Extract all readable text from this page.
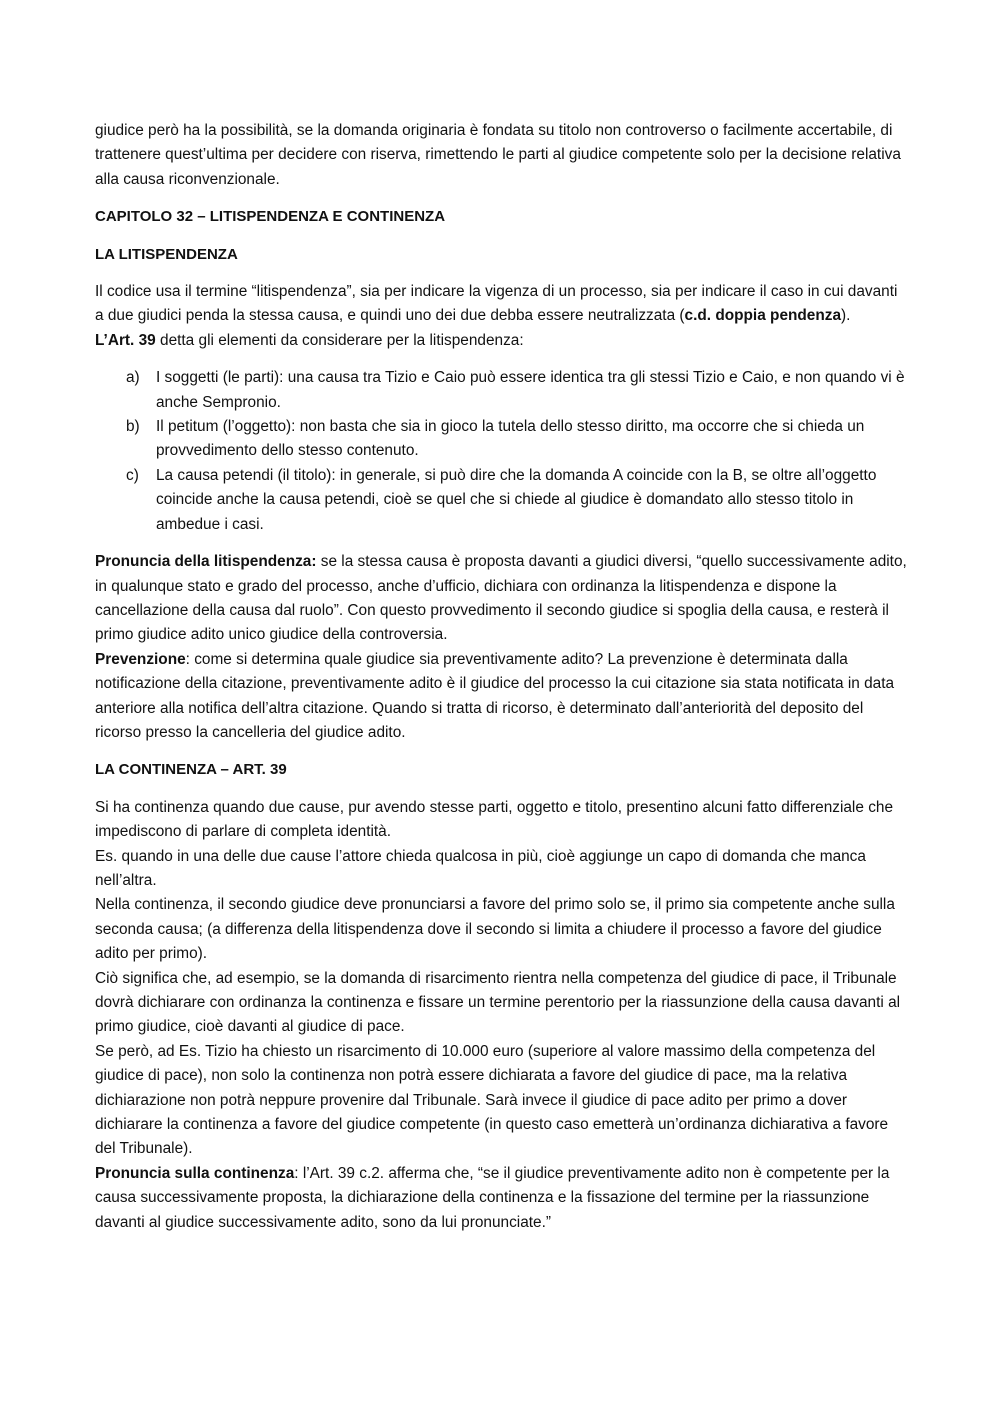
giudice però ha la possibilità, se la domanda originaria è fondata su titolo non controverso o facilmente accertabile, di trattenere quest’ultima per decidere con riserva, rimettendo le parti al giudice competente solo per la decisione relativa alla causa riconvenzionale.

CAPITOLO 32 – LITISPENDENZA E CONTINENZA

LA LITISPENDENZA

Il codice usa il termine “litispendenza”, sia per indicare la vigenza di un processo, sia per indicare il caso in cui davanti a due giudici penda la stessa causa, e quindi uno dei due debba essere neutralizzata (c.d. doppia pendenza).

L’Art. 39 detta gli elementi da considerare per la litispendenza:

a) I soggetti (le parti): una causa tra Tizio e Caio può essere identica tra gli stessi Tizio e Caio, e non quando vi è anche Sempronio.
b) Il petitum (l’oggetto): non basta che sia in gioco la tutela dello stesso diritto, ma occorre che si chieda un provvedimento dello stesso contenuto.
c) La causa petendi (il titolo): in generale, si può dire che la domanda A coincide con la B, se oltre all’oggetto coincide anche la causa petendi, cioè se quel che si chiede al giudice è domandato allo stesso titolo in ambedue i casi.

Pronuncia della litispendenza: se la stessa causa è proposta davanti a giudici diversi, “quello successivamente adito, in qualunque stato e grado del processo, anche d’ufficio, dichiara con ordinanza la litispendenza e dispone la cancellazione della causa dal ruolo”. Con questo provvedimento il secondo giudice si spoglia della causa, e resterà il primo giudice adito unico giudice della controversia.

Prevenzione: come si determina quale giudice sia preventivamente adito? La prevenzione è determinata dalla notificazione della citazione, preventivamente adito è il giudice del processo la cui citazione sia stata notificata in data anteriore alla notifica dell’altra citazione. Quando si tratta di ricorso, è determinato dall’anteriorità del deposito del ricorso presso la cancelleria del giudice adito.

LA CONTINENZA – ART. 39

Si ha continenza quando due cause, pur avendo stesse parti, oggetto e titolo, presentino alcuni fatto differenziale che impediscono di parlare di completa identità.

Es. quando in una delle due cause l’attore chieda qualcosa in più, cioè aggiunge un capo di domanda che manca nell’altra.

Nella continenza, il secondo giudice deve pronunciarsi a favore del primo solo se, il primo sia competente anche sulla seconda causa; (a differenza della litispendenza dove il secondo si limita a chiudere il processo a favore del giudice adito per primo).

Ciò significa che, ad esempio, se la domanda di risarcimento rientra nella competenza del giudice di pace, il Tribunale dovrà dichiarare con ordinanza la continenza e fissare un termine perentorio per la riassunzione della causa davanti al primo giudice, cioè davanti al giudice di pace.

Se però, ad Es. Tizio ha chiesto un risarcimento di 10.000 euro (superiore al valore massimo della competenza del giudice di pace), non solo la continenza non potrà essere dichiarata a favore del giudice di pace, ma la relativa dichiarazione non potrà neppure provenire dal Tribunale. Sarà invece il giudice di pace adito per primo a dover dichiarare la continenza a favore del giudice competente (in questo caso emetterà un’ordinanza dichiarativa a favore del Tribunale).

Pronuncia sulla continenza: l’Art. 39 c.2. afferma che, “se il giudice preventivamente adito non è competente per la causa successivamente proposta, la dichiarazione della continenza e la fissazione del termine per la riassunzione davanti al giudice successivamente adito, sono da lui pronunciate.”
